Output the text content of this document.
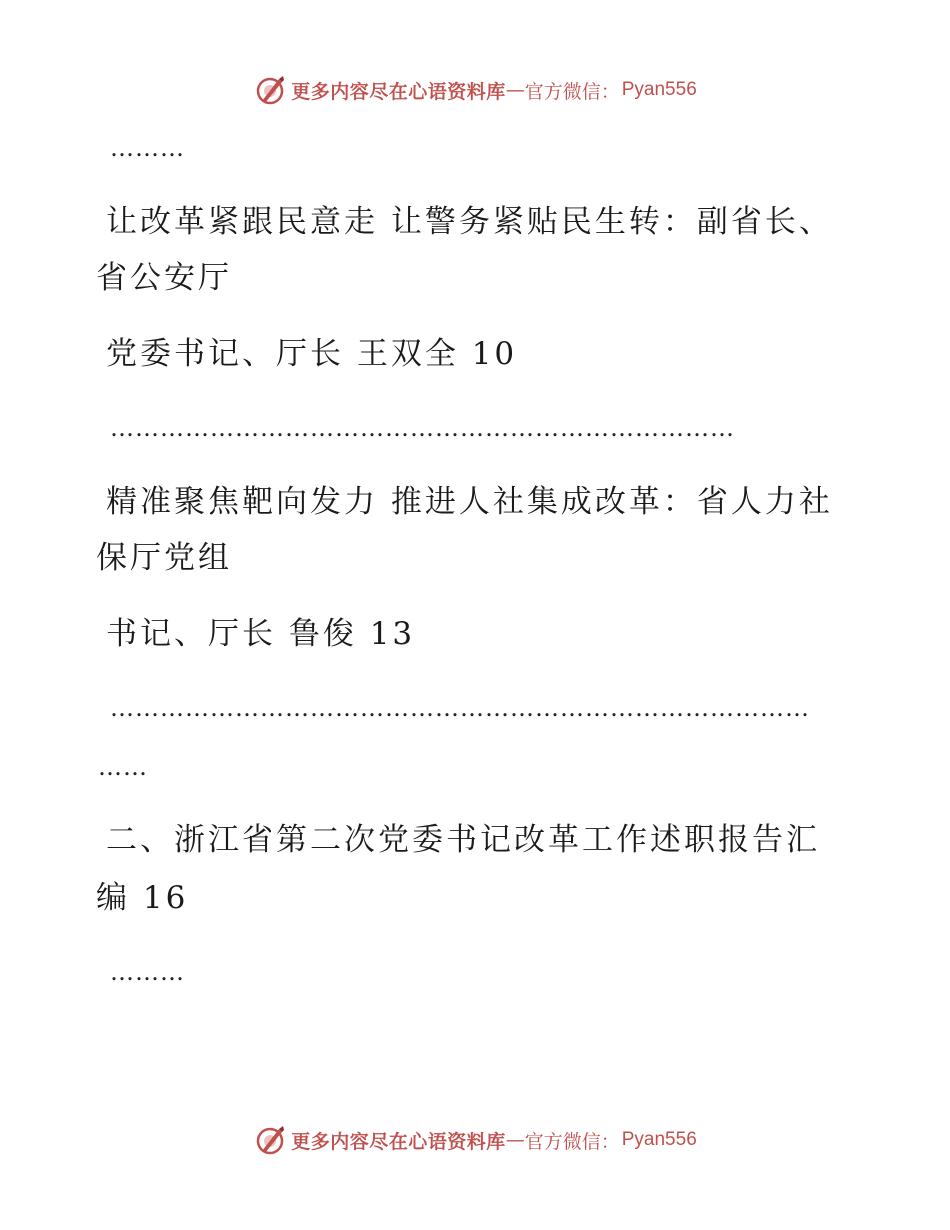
更多内容尽在心语资料库 — 官方微信： Pyan556
………
让改革紧跟民意走 让警务紧贴民生转：副省长、
省公安厅
党委书记、厅长 王双全 10
…………………………………………………………………
精准聚焦靶向发力 推进人社集成改革：省人力社
保厅党组
书记、厅长 鲁俊 13
…………………………………………………………………………
……
二、浙江省第二次党委书记改革工作述职报告汇
编 16
………
更多内容尽在心语资料库 — 官方微信： Pyan556
